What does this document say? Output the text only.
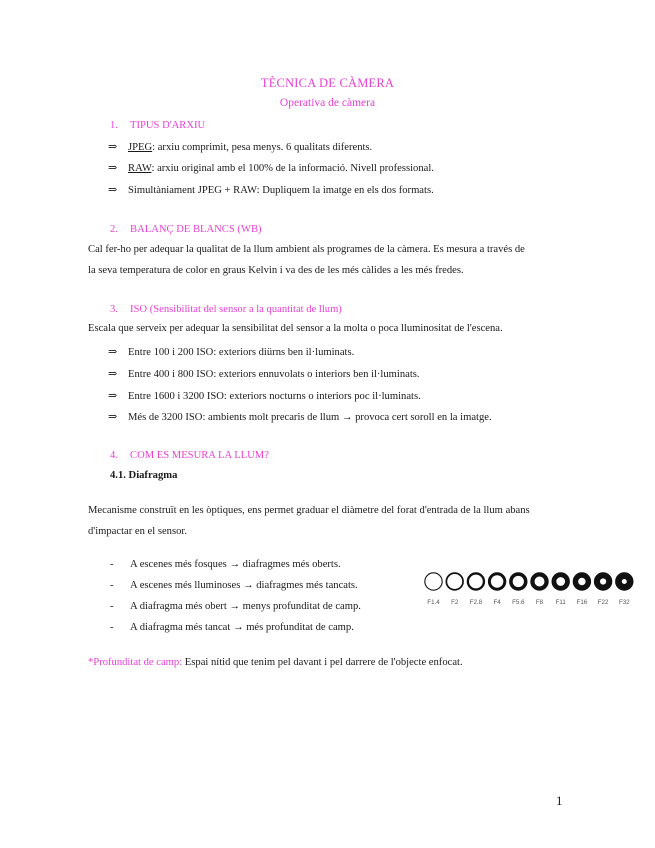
TÈCNICA DE CÀMERA
Operativa de càmera
1. TIPUS D'ARXIU
⇒ JPEG: arxiu comprimit, pesa menys. 6 qualitats diferents.
⇒ RAW: arxiu original amb el 100% de la informació. Nivell professional.
⇒ Simultàniament JPEG + RAW: Dupliquem la imatge en els dos formats.
2. BALANÇ DE BLANCS (WB)
Cal fer-ho per adequar la qualitat de la llum ambient als programes de la càmera. Es mesura a través de
la seva temperatura de color en graus Kelvin i va des de les més càlides a les més fredes.
3. ISO (Sensibilitat del sensor a la quantitat de llum)
Escala que serveix per adequar la sensibilitat del sensor a la molta o poca lluminositat de l'escena.
⇒ Entre 100 i 200 ISO: exteriors diürns ben il·luminats.
⇒ Entre 400 i 800 ISO: exteriors ennuvolats o interiors ben il·luminats.
⇒ Entre 1600 i 3200 ISO: exteriors nocturns o interiors poc il·luminats.
⇒ Més de 3200 ISO: ambients molt precaris de llum → provoca cert soroll en la imatge.
4. COM ES MESURA LA LLUM?
4.1. Diafragma
Mecanisme construït en les òptiques, ens permet graduar el diàmetre del forat d'entrada de la llum abans
d'impactar en el sensor.
- A escenes més fosques → diafragmes més oberts.
- A escenes més lluminoses → diafragmes més tancats.
- A diafragma més obert → menys profunditat de camp.
- A diafragma més tancat → més profunditat de camp.
F1.4 F2 F2.8 F4 F5.6 F8 F11 F16 F22 F32
*Profunditat de camp: Espai nítid que tenim pel davant i pel darrere de l'objecte enfocat.
1
